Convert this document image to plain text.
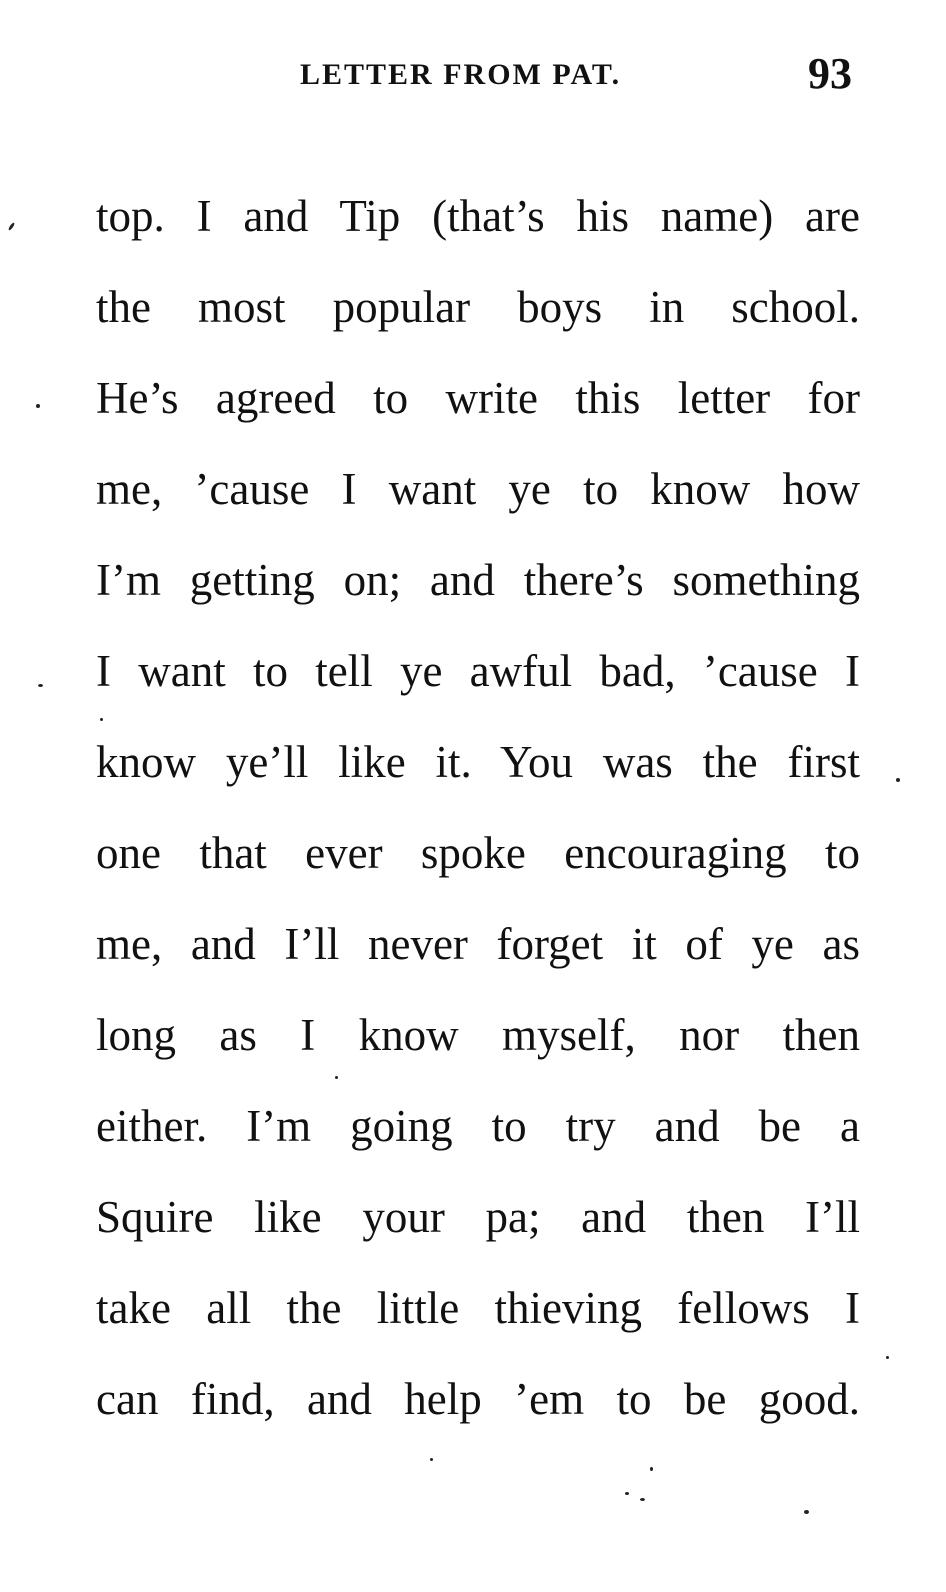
LETTER FROM PAT.	93
top. I and Tip (that’s his name) are
the most popular boys in school.
He’s agreed to write this letter for
me, ’cause I want ye to know how
I’m getting on; and there’s something
I want to tell ye awful bad, ’cause I
know ye’ll like it. You was the first
one that ever spoke encouraging to
me, and I’ll never forget it of ye as
long as I know myself, nor then
either. I’m going to try and be a
Squire like your pa; and then I’ll
take all the little thieving fellows I
can find, and help ’em to be good.
